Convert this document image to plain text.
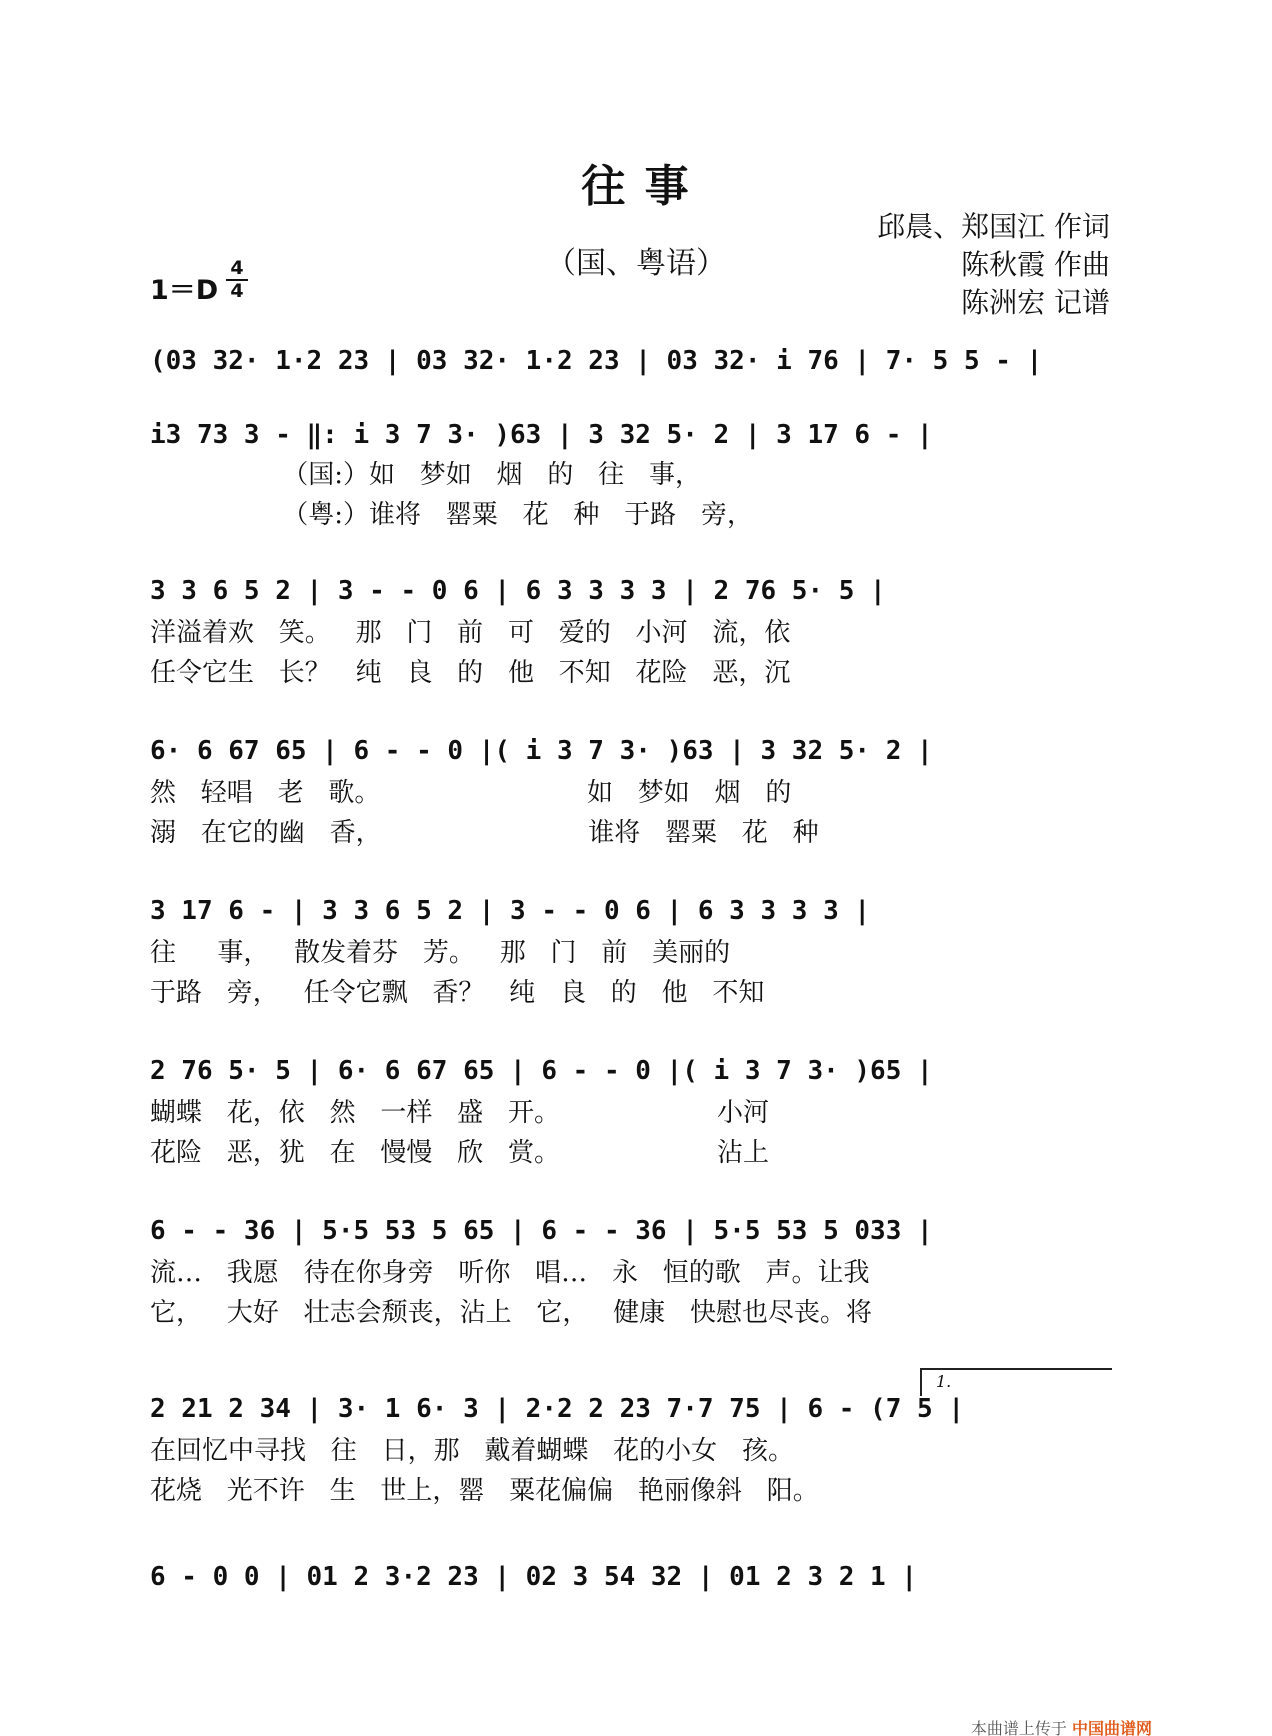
往 事
（国、粤语）
邱晨、郑国江 作词
陈秋霞 作曲
陈洲宏 记谱
1＝D
4
4
(03 32· 1·2 23 | 03 32· 1·2 23 | 03 32· i 76 | 7· 5 5 - |
i3 73 3 - ‖: i 3 7 3· )63 | 3 32 5· 2 | 3 17 6 - |
（国:）如   梦如   烟   的   往   事，
（粤:）谁将   罂粟   花   种   于路   旁，
3 3 6 5 2 | 3 - - 0 6 | 6 3 3 3 3 | 2 76 5· 5 |
洋溢着欢   笑。   那   门   前   可   爱的   小河   流，依
任令它生   长？   纯   良   的   他   不知   花险   恶，沉
6· 6 67 65 | 6 - - 0 |( i 3 7 3· )63 | 3 32 5· 2 |
然   轻唱   老   歌。                         如   梦如   烟   的
溺   在它的幽   香，                         谁将   罂粟   花   种
3 17 6 - | 3 3 6 5 2 | 3 - - 0 6 | 6 3 3 3 3 |
往     事，   散发着芬   芳。   那   门   前   美丽的
于路   旁，   任令它飘   香？   纯   良   的   他   不知
2 76 5· 5 | 6· 6 67 65 | 6 - - 0 |( i 3 7 3· )65 |
蝴蝶   花，依   然   一样   盛   开。                   小河
花险   恶，犹   在   慢慢   欣   赏。                   沾上
6 - - 36 | 5·5 53 5 65 | 6 - - 36 | 5·5 53 5 033 |
流…   我愿   待在你身旁   听你   唱…   永   恒的歌   声。让我
它，   大好   壮志会颓丧，沾上   它，   健康   快慰也尽丧。将
1.
2 21 2 34 | 3· 1 6· 3 | 2·2 2 23 7·7 75 | 6 - (7 5 |
在回忆中寻找   往   日，那   戴着蝴蝶   花的小女   孩。
花烧   光不许   生   世上，罂   粟花偏偏   艳丽像斜   阳。
6 - 0 0 | 01 2 3·2 23 | 02 3 54 32 | 01 2 3 2 1 |
本曲谱上传于 中国曲谱网
